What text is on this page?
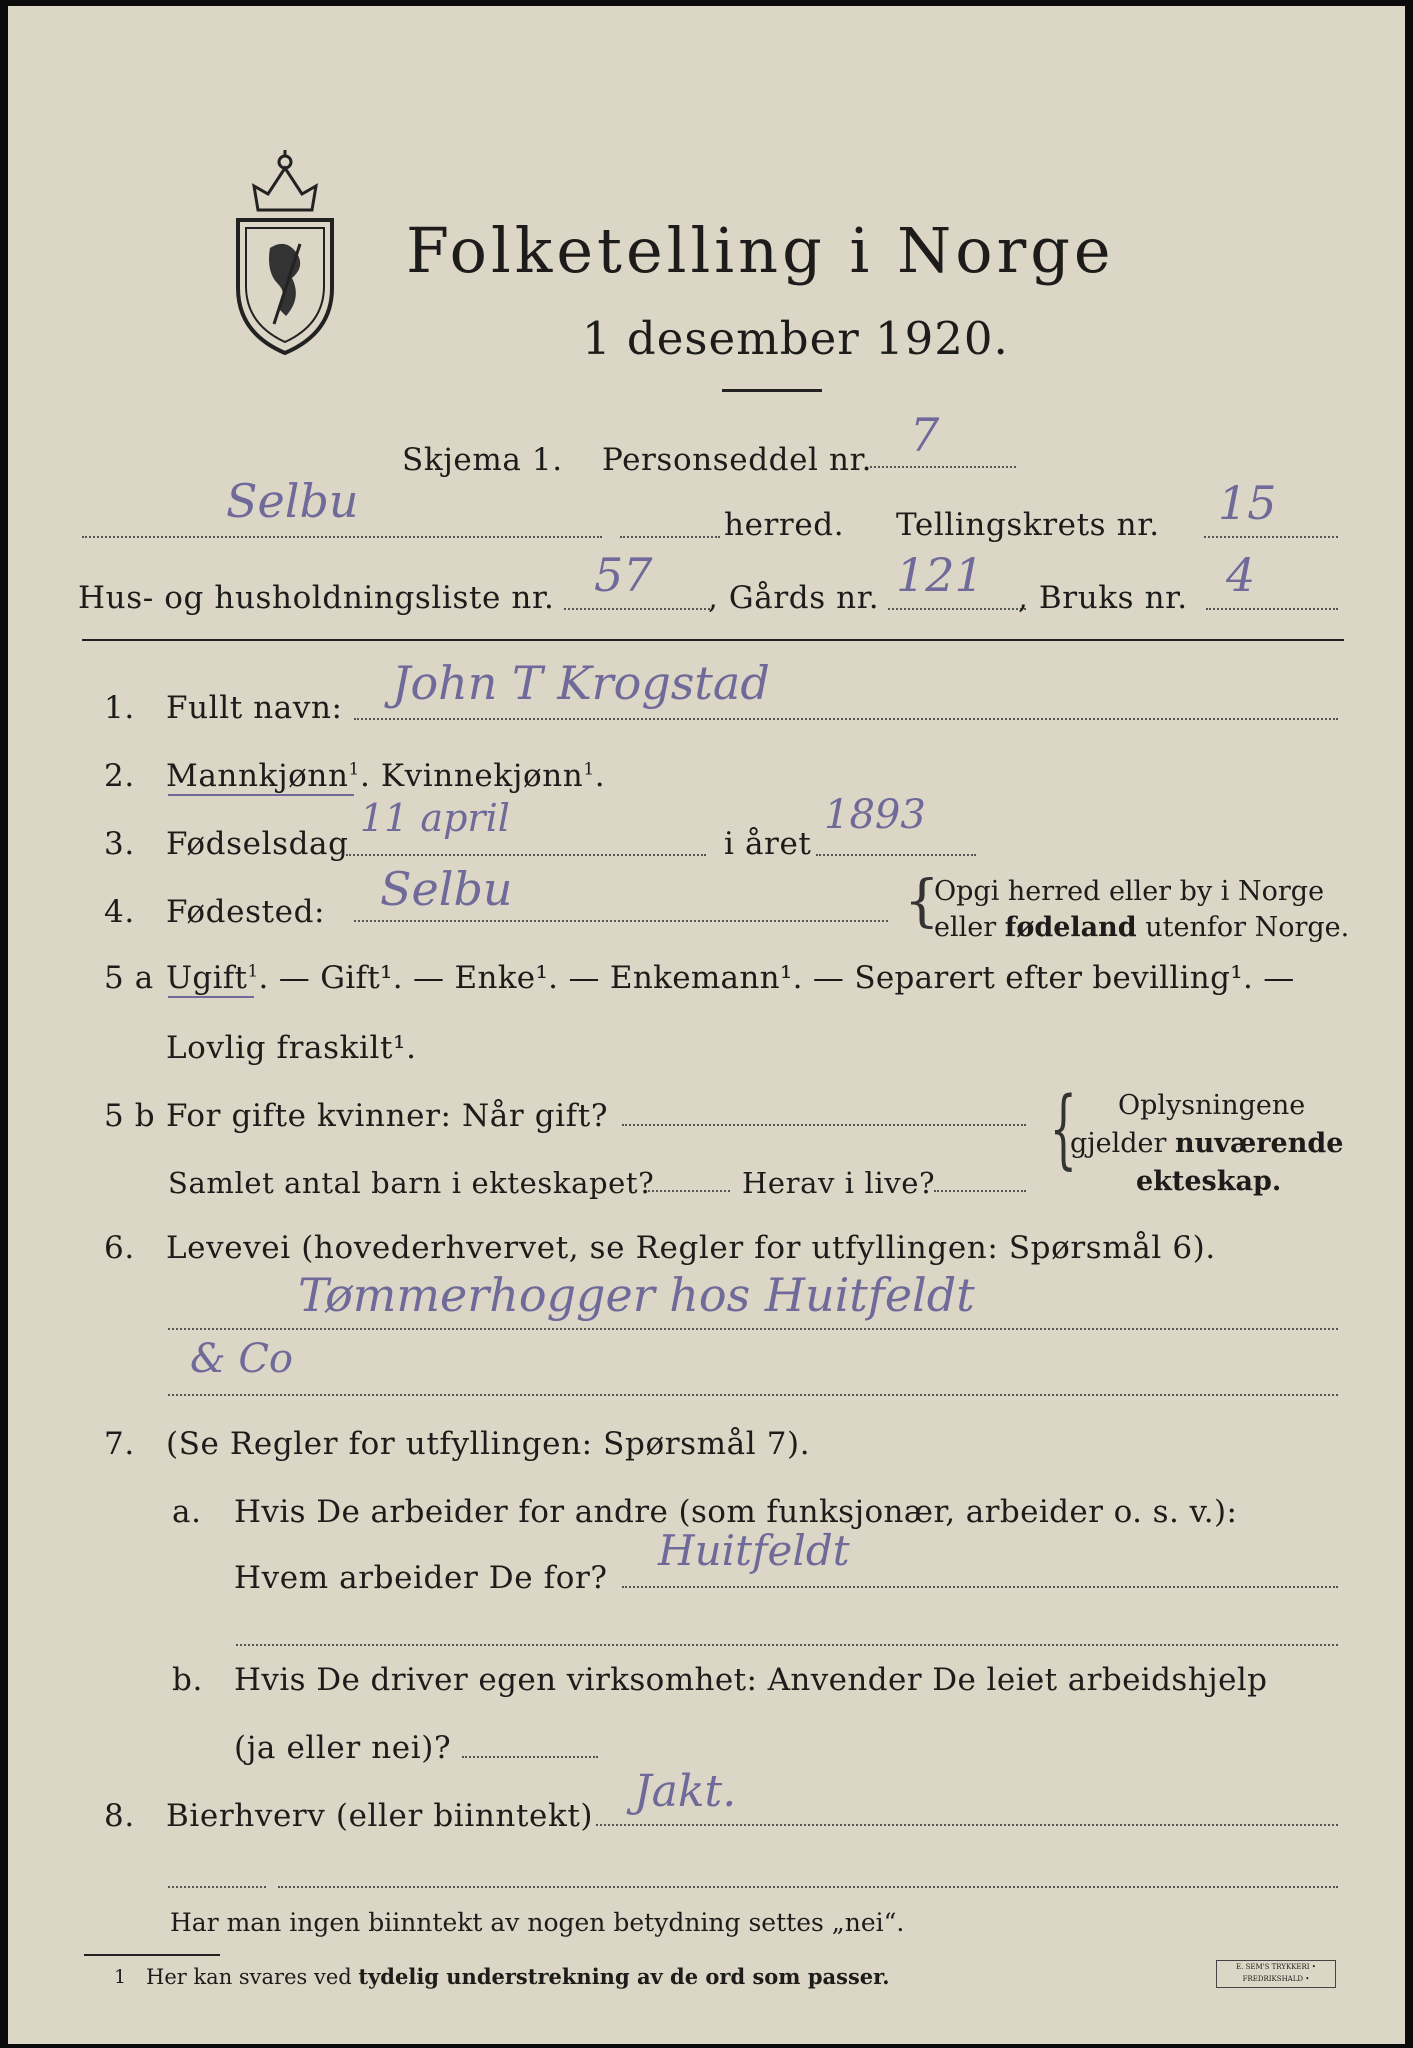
Folketelling i Norge
1 desember 1920.
Skjema 1. Personseddel nr. 7
Selbu	herred. Tellingskrets nr. 15
Hus- og husholdningsliste nr. 57 , Gårds nr. 121 , Bruks nr. 4
1. Fullt navn: John T Krogstad
2. Mannkjønn$^1$. Kvinnekjønn$^1$.
3. Fødselsdag
11 april
i året
1893
4. Fødested: Selbu	{
Opgi herred eller by i Norge
eller fødeland utenfor Norge.
5 a Ugift$^1$. — Gift¹. — Enke¹. — Enkemann¹. — Separert efter bevilling¹. —
Lovlig fraskilt¹.
5 b For gifte kvinner: Når gift?
Samlet antal barn i ekteskapet?	Herav i live?
{ Oplysningene
gjelder nuværende
ekteskap.
6. Levevei (hovederhvervet, se Regler for utfyllingen: Spørsmål 6).
Tømmerhogger hos Huitfeldt
& Co
7. (Se Regler for utfyllingen: Spørsmål 7).
a. Hvis De arbeider for andre (som funksjonær, arbeider o. s. v.):
Hvem arbeider De for?
Huitfeldt
b. Hvis De driver egen virksomhet: Anvender De leiet arbeidshjelp
(ja eller nei)?
8. Bierhverv (eller biinntekt) Jakt.
Har man ingen biinntekt av nogen betydning settes „nei“.
1 Her kan svares ved tydelig understrekning av de ord som passer.	E. SEM'S TRYKKERI • FREDRIKSHALD •
